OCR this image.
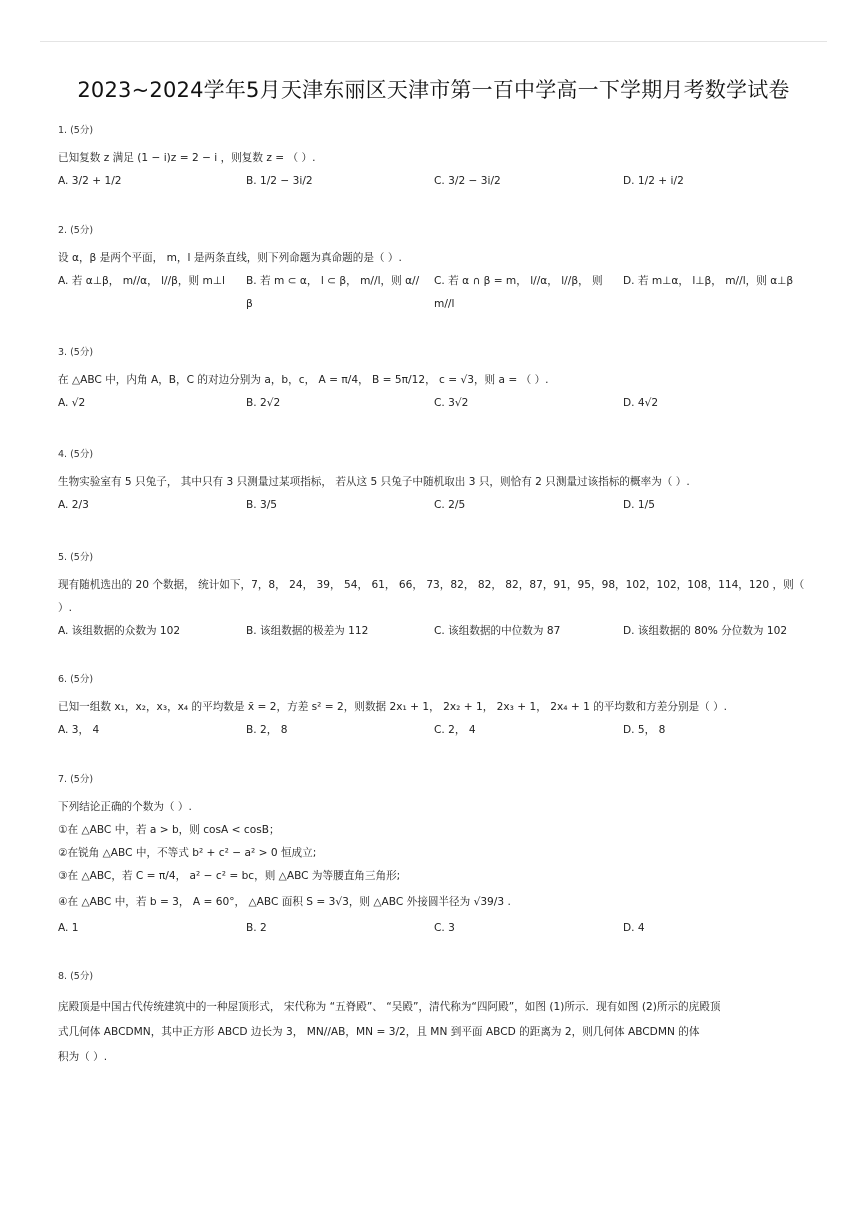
2023~2024学年5月天津东丽区天津市第一百中学高一下学期月考数学试卷
1. (5分)
已知复数 z 满足 (1 − i)z = 2 − i ，则复数 z = （ ）.
A. 3/2 + 1/2	B. 1/2 − 3i/2	C. 3/2 − 3i/2	D. 1/2 + i/2
2. (5分)
设 α，β 是两个平面， m，l 是两条直线，则下列命题为真命题的是（ ）.
A. 若 α⊥β， m//α， l//β，则 m⊥l	B. 若 m ⊂ α， l ⊂ β， m//l，则 α//β
C. 若 α ∩ β = m， l//α， l//β， 则 m//l
D. 若 m⊥α， l⊥β， m//l，则 α⊥β
3. (5分)
在 △ABC 中，内角 A，B，C 的对边分别为 a，b，c， A = π/4， B = 5π/12， c = √3，则 a = （ ）.
A. √2	B. 2√2	C. 3√2	D. 4√2
4. (5分)
生物实验室有 5 只兔子， 其中只有 3 只测量过某项指标， 若从这 5 只兔子中随机取出 3 只，则恰有 2 只测量过该指标的概率为（ ）.
A. 2/3	B. 3/5	C. 2/5	D. 1/5
5. (5分)
现有随机选出的 20 个数据， 统计如下，7，8， 24， 39， 54， 61， 66， 73，82， 82， 82，87，91，95，98，102，102，108，114，120 ，则（ ）.
A. 该组数据的众数为 102	B. 该组数据的极差为 112	C. 该组数据的中位数为 87	D. 该组数据的 80% 分位数为 102
6. (5分)
已知一组数 x₁，x₂，x₃，x₄ 的平均数是 x̄ = 2，方差 s² = 2，则数据 2x₁ + 1， 2x₂ + 1， 2x₃ + 1， 2x₄ + 1 的平均数和方差分别是（ ）.
A. 3， 4	B. 2， 8	C. 2， 4	D. 5， 8
7. (5分)
下列结论正确的个数为（ ）.
①在 △ABC 中，若 a > b，则 cosA < cosB；
②在锐角 △ABC 中，不等式 b² + c² − a² > 0 恒成立;
③在 △ABC，若 C = π/4， a² − c² = bc，则 △ABC 为等腰直角三角形;
④在 △ABC 中，若 b = 3， A = 60°， △ABC 面积 S = 3√3，则 △ABC 外接圆半径为 √39/3 .
A. 1	B. 2	C. 3	D. 4
8. (5分)
庑殿顶是中国古代传统建筑中的一种屋顶形式， 宋代称为 “五脊殿”、 “吴殿”，清代称为“四阿殿”，如图 (1)所示．现有如图 (2)所示的庑殿顶
式几何体 ABCDMN，其中正方形 ABCD 边长为 3， MN//AB，MN = 3/2，且 MN 到平面 ABCD 的距离为 2，则几何体 ABCDMN 的体
积为（ ）.
